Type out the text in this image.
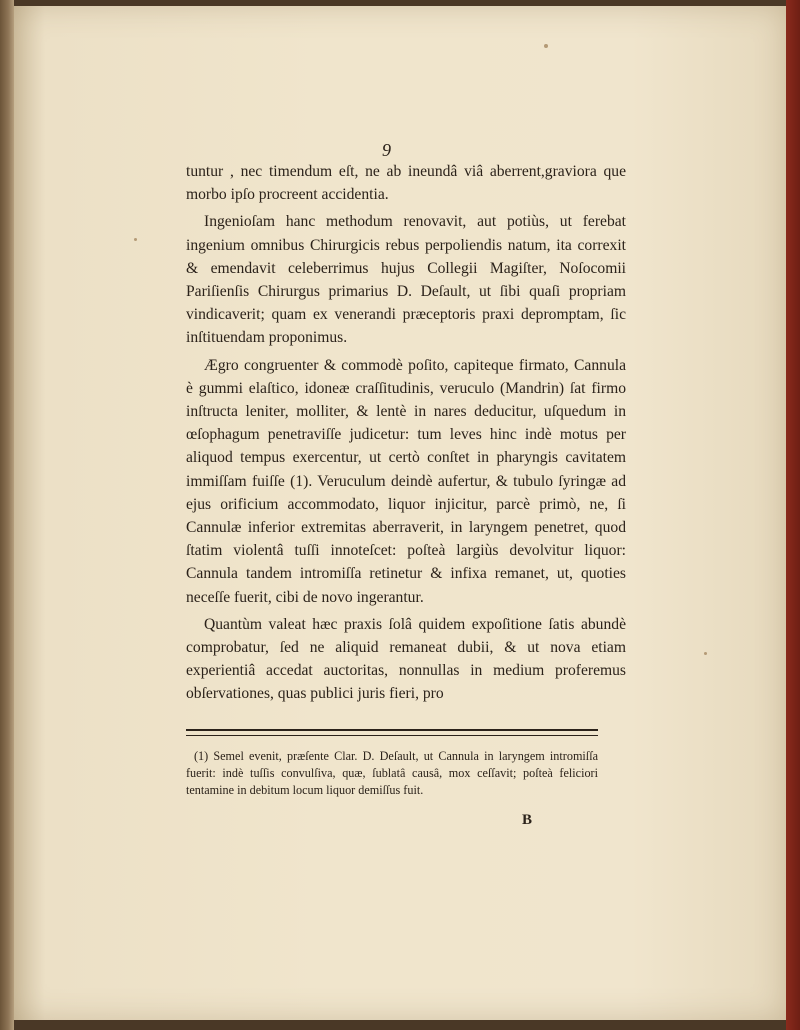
9

tuntur , nec timendum eſt, ne ab ineundâ viâ aberrent,graviora que morbo ipſo procreent accidentia.

Ingenioſam hanc methodum renovavit, aut potiùs, ut ferebat ingenium omnibus Chirurgicis rebus perpoliendis natum, ita correxit & emendavit celeberrimus hujus Collegii Magiſter, Noſocomii Pariſienſis Chirurgus primarius D. Deſault, ut ſibi quaſi propriam vindicaverit; quam ex venerandi præceptoris praxi depromptam, ſic inſtituendam proponimus.

Ægro congruenter & commodè poſito, capiteque firmato, Cannula è gummi elaſtico, idoneæ craſſitudinis, veruculo (Mandrin) ſat firmo inſtructa leniter, molliter, & lentè in nares deducitur, uſquedum in œſophagum penetraviſſe judicetur: tum leves hinc indè motus per aliquod tempus exercentur, ut certò conſtet in pharyngis cavitatem immiſſam fuiſſe (1). Veruculum deindè aufertur, & tubulo ſyringæ ad ejus orificium accommodato, liquor injicitur, parcè primò, ne, ſi Cannulæ inferior extremitas aberraverit, in laryngem penetret, quod ſtatim violentâ tuſſi innoteſcet: poſteà largiùs devolvitur liquor: Cannula tandem intromiſſa retinetur & infixa remanet, ut, quoties neceſſe fuerit, cibi de novo ingerantur.

Quantùm valeat hæc praxis ſolâ quidem expoſitione ſatis abundè comprobatur, ſed ne aliquid remaneat dubii, & ut nova etiam experientiâ accedat auctoritas, nonnullas in medium proferemus obſervationes, quas publici juris fieri, pro

(1) Semel evenit, præſente Clar. D. Deſault, ut Cannula in laryngem intromiſſa fuerit: indè tuſſis convulſiva, quæ, ſublatâ causâ, mox ceſſavit; poſteà feliciori tentamine in debitum locum liquor demiſſus fuit.

B
